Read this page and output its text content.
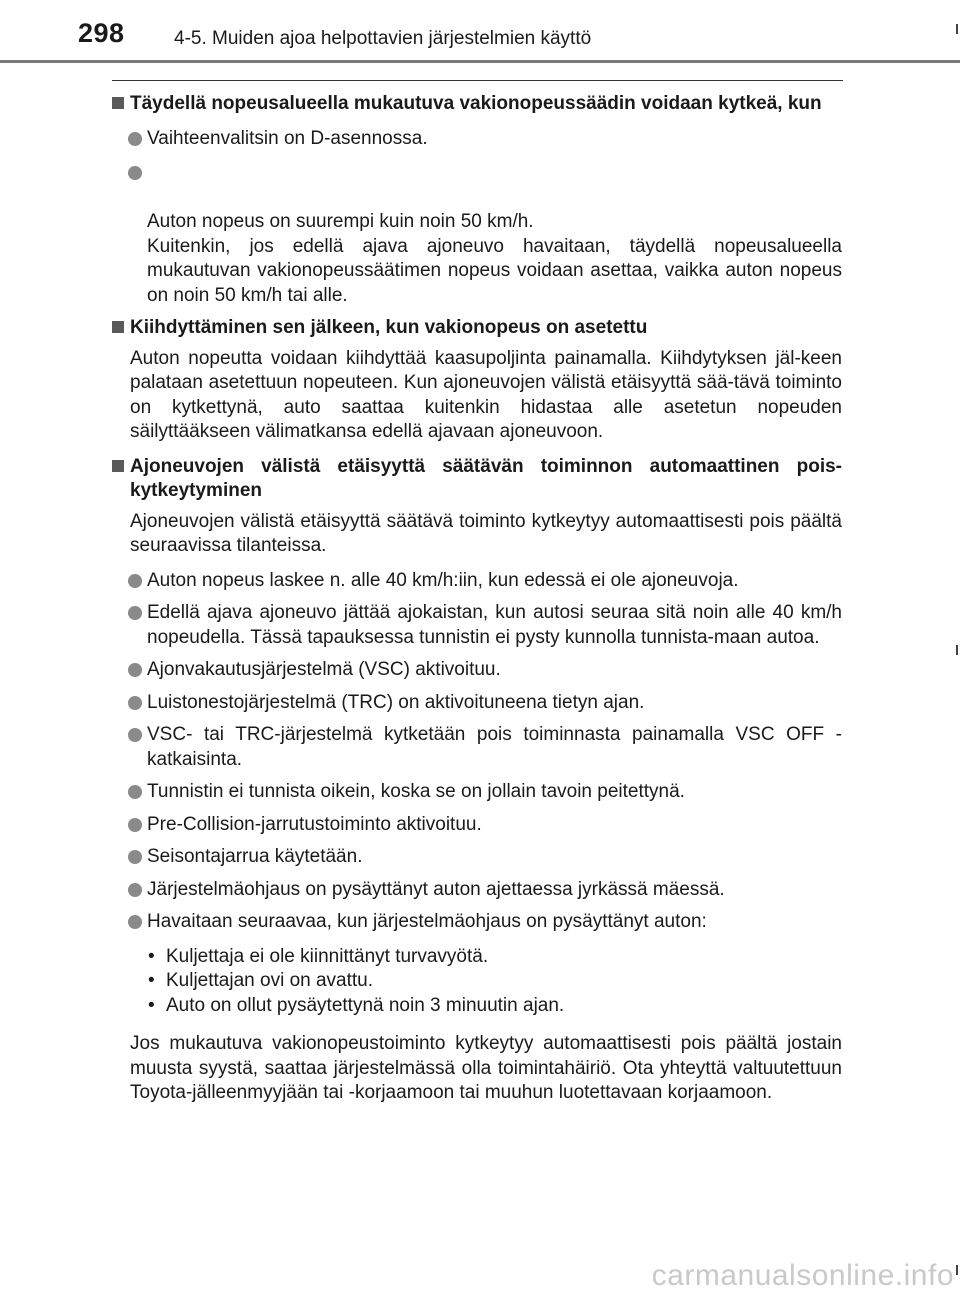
298	4-5. Muiden ajoa helpottavien järjestelmien käyttö
Täydellä nopeusalueella mukautuva vakionopeussäädin voidaan kytkeä, kun
Vaihteenvalitsin on D-asennossa.

Auton nopeus on suurempi kuin noin 50 km/h.
Kuitenkin, jos edellä ajava ajoneuvo havaitaan, täydellä nopeusalueella mukautuvan vakionopeussäätimen nopeus voidaan asettaa, vaikka auton nopeus on noin 50 km/h tai alle.

Kiihdyttäminen sen jälkeen, kun vakionopeus on asetettu
Auton nopeutta voidaan kiihdyttää kaasupoljinta painamalla. Kiihdytyksen jäl-keen palataan asetettuun nopeuteen. Kun ajoneuvojen välistä etäisyyttä sää-tävä toiminto on kytkettynä, auto saattaa kuitenkin hidastaa alle asetetun nopeuden säilyttääkseen välimatkansa edellä ajavaan ajoneuvoon.
Ajoneuvojen välistä etäisyyttä säätävän toiminnon automaattinen pois-kytkeytyminen
Ajoneuvojen välistä etäisyyttä säätävä toiminto kytkeytyy automaattisesti pois päältä seuraavissa tilanteissa.
Auton nopeus laskee n. alle 40 km/h:iin, kun edessä ei ole ajoneuvoja.
Edellä ajava ajoneuvo jättää ajokaistan, kun autosi seuraa sitä noin alle 40 km/h nopeudella. Tässä tapauksessa tunnistin ei pysty kunnolla tunnista-maan autoa.
Ajonvakautusjärjestelmä (VSC) aktivoituu.
Luistonestojärjestelmä (TRC) on aktivoituneena tietyn ajan.
VSC- tai TRC-järjestelmä kytketään pois toiminnasta painamalla VSC OFF -katkaisinta.
Tunnistin ei tunnista oikein, koska se on jollain tavoin peitettynä.
Pre-Collision-jarrutustoiminto aktivoituu.
Seisontajarrua käytetään.
Järjestelmäohjaus on pysäyttänyt auton ajettaessa jyrkässä mäessä.
Havaitaan seuraavaa, kun järjestelmäohjaus on pysäyttänyt auton:
• Kuljettaja ei ole kiinnittänyt turvavyötä.
• Kuljettajan ovi on avattu.
• Auto on ollut pysäytettynä noin 3 minuutin ajan.
Jos mukautuva vakionopeustoiminto kytkeytyy automaattisesti pois päältä jostain muusta syystä, saattaa järjestelmässä olla toimintahäiriö. Ota yhteyttä valtuutettuun Toyota-jälleenmyyjään tai -korjaamoon tai muuhun luotettavaan korjaamoon.
carmanualsonline.info
